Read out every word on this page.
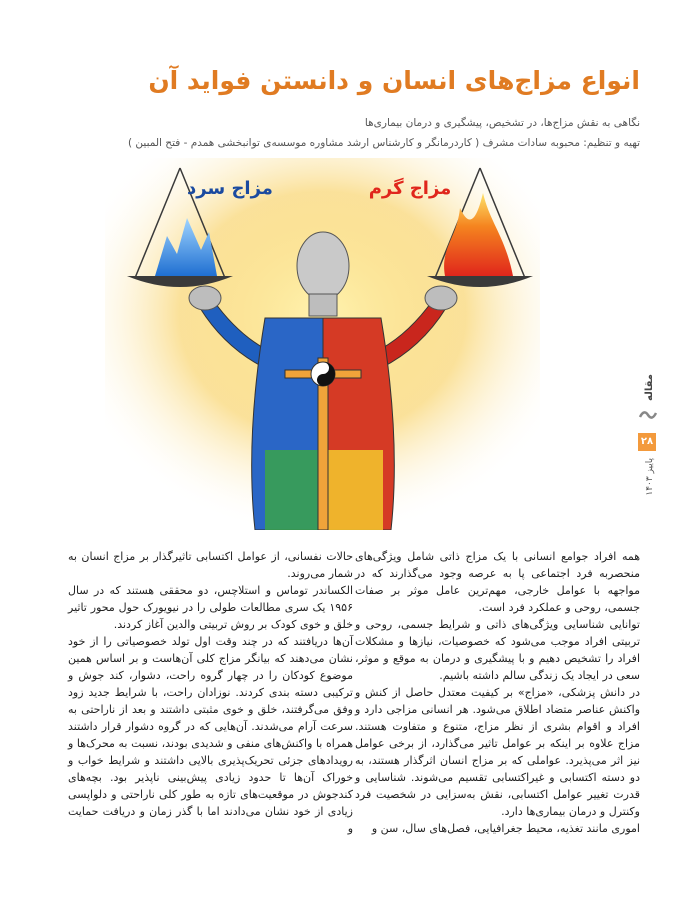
انواع مزاج‌های انسان و دانستن فواید آن
نگاهی به نقش مزاج‌ها، در تشخیص، پیشگیری و درمان بیماری‌ها
تهیه و تنظیم: محبوبه سادات مشرف ( کاردرمانگر و کارشناس ارشد مشاوره موسسه‌ی توانبخشی همدم - فتح المبین )
مزاج سرد	مزاج گرم
مقاله
۲۸
پاییز ۱۴۰۳

همه افراد جوامع انسانی با یک مزاج ذاتی شامل ویژگی‌های منحصربه فرد اجتماعی پا به عرصه وجود می‌گذارند که در مواجهه با عوامل خارجی، مهم‌ترین عامل موثر بر صفات جسمی، روحی و عملکرد فرد است.

توانایی شناسایی ویژگی‌های ذاتی و شرایط جسمی، روحی و تربیتی افراد موجب می‌شود که خصوصیات، نیازها و مشکلات افراد را تشخیص دهیم و با پیشگیری و درمان به موقع و موثر، سعی در ایجاد یک زندگی سالم داشته باشیم.

در دانش پزشکی، «مزاج» بر کیفیت معتدل حاصل از کنش و واکنش عناصر متضاد اطلاق می‌شود. هر انسانی مزاجی دارد و افراد و اقوام بشری از نظر مزاج، متنوع و متفاوت هستند. مزاج علاوه بر اینکه بر عوامل تاثیر می‌گذارد، از برخی عوامل نیز اثر می‌پذیرد. عواملی که بر مزاج انسان اثرگذار هستند، به دو دسته اکتسابی و غیراکتسابی تقسیم می‌شوند. شناسایی و قدرت تغییر عوامل اکتسابی، نقش به‌سزایی در شخصیت فرد وکنترل و درمان بیماری‌ها دارد.

اموری مانند تغذیه، محیط جغرافیایی، فصل‌های سال، سن و

حالات نفسانی، از عوامل اکتسابی تاثیرگذار بر مزاج انسان به شمار می‌روند.

الکساندر توماس و استلاچس، دو محققی هستند که در سال ۱۹۵۶ یک سری مطالعات طولی را در نیویورک حول محور تاثیر خلق و خوی کودک بر روش تربیتی والدین آغاز کردند.

آن‌ها دریافتند که در چند وقت اول تولد خصوصیاتی را از خود نشان می‌دهند که بیانگر مزاج کلی آن‌هاست و بر اساس همین موضوع کودکان را در چهار گروه راحت، دشوار، کند جوش و ترکیبی دسته بندی کردند. نوزادان راحت، با شرایط جدید زود وفق می‌گرفتند، خلق و خوی مثبتی داشتند و بعد از ناراحتی به سرعت آرام می‌شدند. آن‌هایی که در گروه دشوار قرار داشتند همراه با واکنش‌های منفی و شدیدی بودند، نسبت به محرک‌ها و رویدادهای جزئی تحریک‌پذیری بالایی داشتند و شرایط خواب و خوراک آن‌ها تا حدود زیادی پیش‌بینی ناپذیر بود. بچه‌های کندجوش در موقعیت‌های تازه به طور کلی ناراحتی و دلواپسی زیادی از خود نشان می‌دادند اما با گذر زمان و دریافت حمایت و
